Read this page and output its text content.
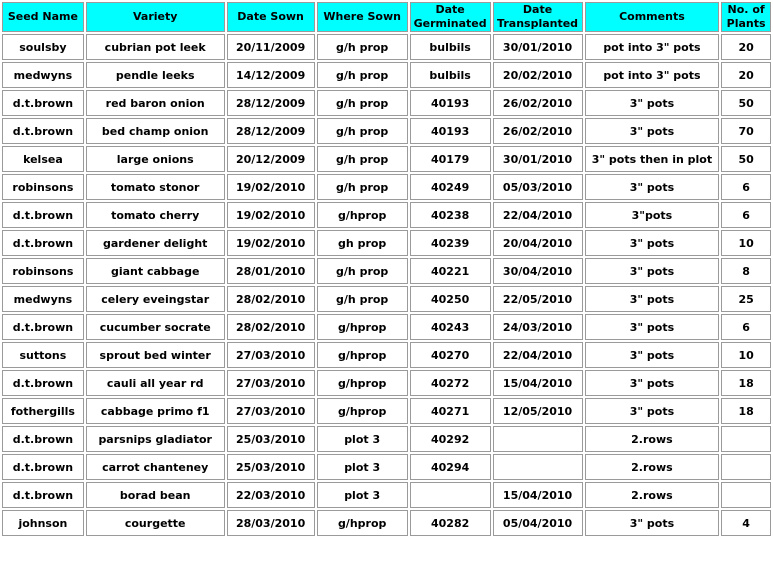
Seed Name	Variety	Date Sown	Where Sown	Date Germinated	Date Transplanted	Comments	No. of Plants
soulsby	cubrian pot leek	20/11/2009	g/h prop	bulbils	30/01/2010	pot into 3" pots	20
medwyns	pendle leeks	14/12/2009	g/h prop	bulbils	20/02/2010	pot into 3" pots	20
d.t.brown	red baron onion	28/12/2009	g/h prop	40193	26/02/2010	3" pots	50
d.t.brown	bed champ onion	28/12/2009	g/h prop	40193	26/02/2010	3" pots	70
kelsea	large onions	20/12/2009	g/h prop	40179	30/01/2010	3" pots then in plot	50
robinsons	tomato stonor	19/02/2010	g/h prop	40249	05/03/2010	3" pots	6
d.t.brown	tomato cherry	19/02/2010	g/hprop	40238	22/04/2010	3"pots	6
d.t.brown	gardener delight	19/02/2010	gh prop	40239	20/04/2010	3" pots	10
robinsons	giant cabbage	28/01/2010	g/h prop	40221	30/04/2010	3" pots	8
medwyns	celery eveingstar	28/02/2010	g/h prop	40250	22/05/2010	3" pots	25
d.t.brown	cucumber socrate	28/02/2010	g/hprop	40243	24/03/2010	3" pots	6
suttons	sprout bed winter	27/03/2010	g/hprop	40270	22/04/2010	3" pots	10
d.t.brown	cauli all year rd	27/03/2010	g/hprop	40272	15/04/2010	3" pots	18
fothergills	cabbage primo f1	27/03/2010	g/hprop	40271	12/05/2010	3" pots	18
d.t.brown	parsnips gladiator	25/03/2010	plot 3	40292		2.rows	
d.t.brown	carrot chanteney	25/03/2010	plot 3	40294		2.rows	
d.t.brown	borad bean	22/03/2010	plot 3		15/04/2010	2.rows	
johnson	courgette	28/03/2010	g/hprop	40282	05/04/2010	3" pots	4
